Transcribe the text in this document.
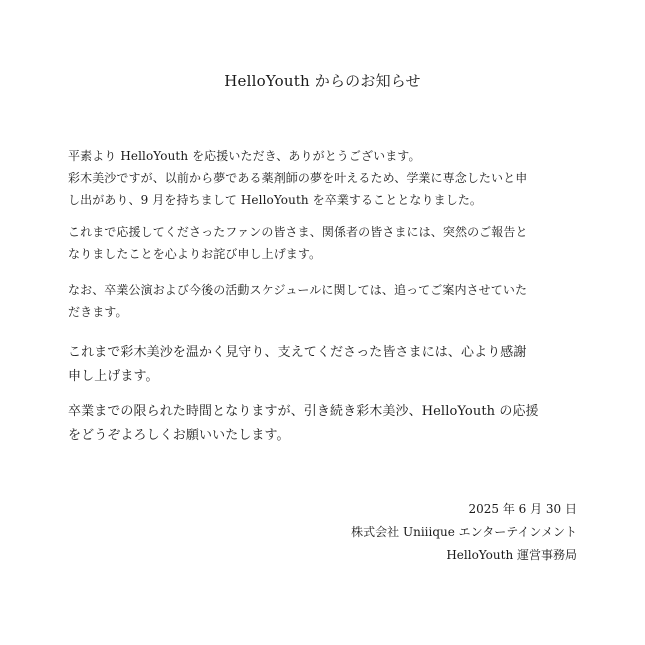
HelloYouth からのお知らせ

平素より HelloYouth を応援いただき、ありがとうございます。
彩木美沙ですが、以前から夢である薬剤師の夢を叶えるため、学業に専念したいと申
し出があり、9 月を持ちまして HelloYouth を卒業することとなりました。

これまで応援してくださったファンの皆さま、関係者の皆さまには、突然のご報告と
なりましたことを心よりお詫び申し上げます。

なお、卒業公演および今後の活動スケジュールに関しては、追ってご案内させていた
だきます。

これまで彩木美沙を温かく見守り、支えてくださった皆さまには、心より感謝
申し上げます。

卒業までの限られた時間となりますが、引き続き彩木美沙、HelloYouth の応援
をどうぞよろしくお願いいたします。

2025 年 6 月 30 日
株式会社 Uniiique エンターテインメント
HelloYouth 運営事務局
